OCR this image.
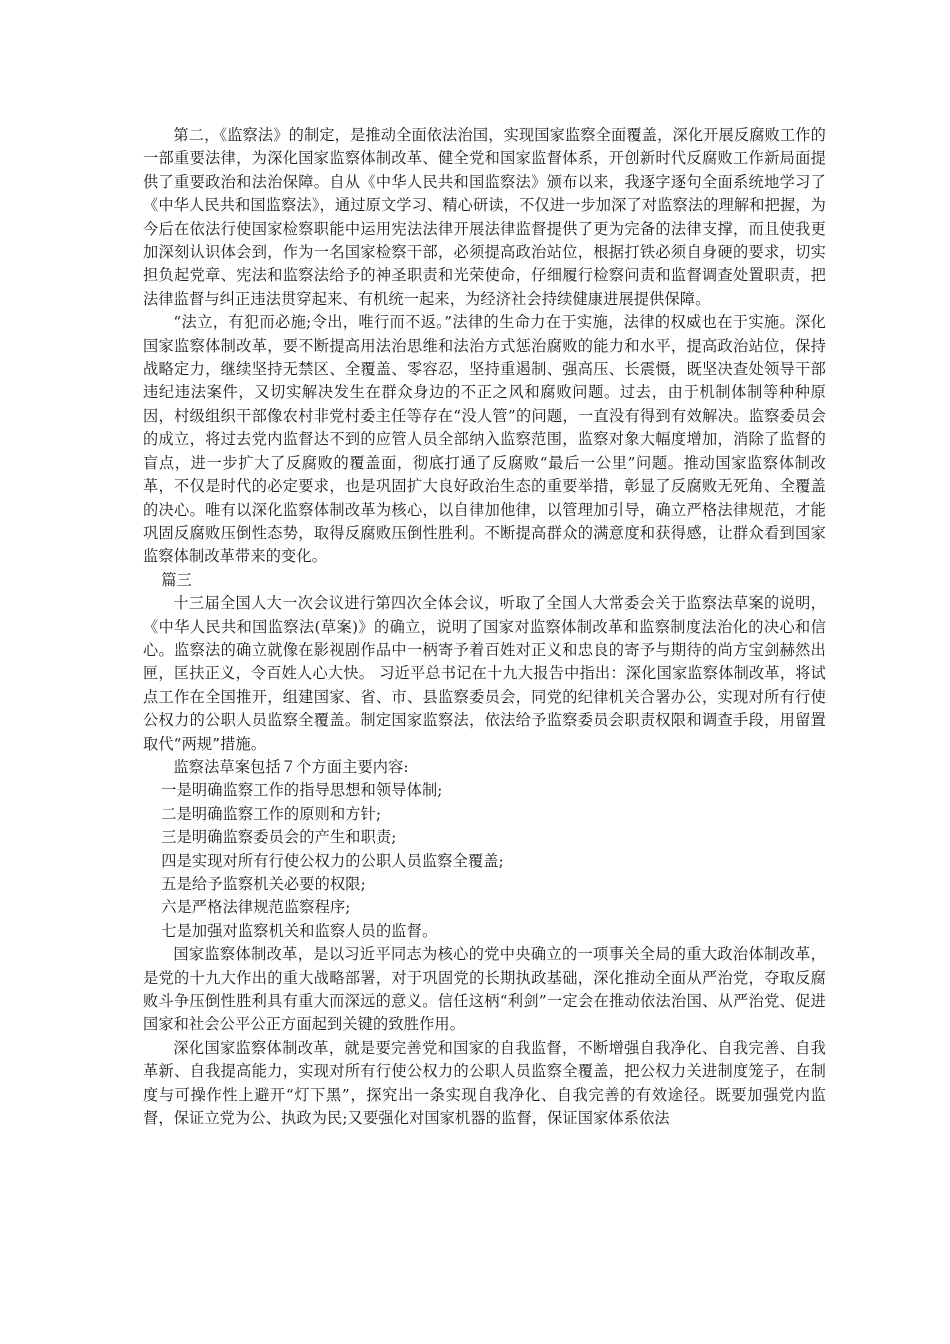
第二，《监察法》的制定，是推动全面依法治国，实现国家监察全面覆盖，深化开展反腐败工作的一部重要法律，为深化国家监察体制改革、健全党和国家监督体系，开创新时代反腐败工作新局面提供了重要政治和法治保障。自从《中华人民共和国监察法》颁布以来，我逐字逐句全面系统地学习了《中华人民共和国监察法》，通过原文学习、精心研读，不仅进一步加深了对监察法的理解和把握，为今后在依法行使国家检察职能中运用宪法法律开展法律监督提供了更为完备的法律支撑，而且使我更加深刻认识体会到，作为一名国家检察干部，必须提高政治站位，根据打铁必须自身硬的要求，切实担负起党章、宪法和监察法给予的神圣职责和光荣使命，仔细履行检察问责和监督调查处置职责，把法律监督与纠正违法贯穿起来、有机统一起来，为经济社会持续健康进展提供保障。

“法立，有犯而必施;令出，唯行而不返。”法律的生命力在于实施，法律的权威也在于实施。深化国家监察体制改革，要不断提高用法治思维和法治方式惩治腐败的能力和水平，提高政治站位，保持战略定力，继续坚持无禁区、全覆盖、零容忍，坚持重遏制、强高压、长震慑，既坚决查处领导干部违纪违法案件，又切实解决发生在群众身边的不正之风和腐败问题。过去，由于机制体制等种种原因，村级组织干部像农村非党村委主任等存在“没人管”的问题，一直没有得到有效解决。监察委员会的成立，将过去党内监督达不到的应管人员全部纳入监察范围，监察对象大幅度增加，消除了监督的盲点，进一步扩大了反腐败的覆盖面，彻底打通了反腐败“最后一公里”问题。推动国家监察体制改革，不仅是时代的必定要求，也是巩固扩大良好政治生态的重要举措，彰显了反腐败无死角、全覆盖的决心。唯有以深化监察体制改革为核心，以自律加他律，以管理加引导，确立严格法律规范，才能巩固反腐败压倒性态势，取得反腐败压倒性胜利。不断提高群众的满意度和获得感，让群众看到国家监察体制改革带来的变化。

篇三

十三届全国人大一次会议进行第四次全体会议，听取了全国人大常委会关于监察法草案的说明，《中华人民共和国监察法(草案)》的确立，说明了国家对监察体制改革和监察制度法治化的决心和信心。监察法的确立就像在影视剧作品中一柄寄予着百姓对正义和忠良的寄予与期待的尚方宝剑赫然出匣，匡扶正义，令百姓人心大快。 习近平总书记在十九大报告中指出：深化国家监察体制改革，将试点工作在全国推开，组建国家、省、市、县监察委员会，同党的纪律机关合署办公，实现对所有行使公权力的公职人员监察全覆盖。制定国家监察法，依法给予监察委员会职责权限和调查手段，用留置取代“两规”措施。

监察法草案包括７个方面主要内容:

一是明确监察工作的指导思想和领导体制;

二是明确监察工作的原则和方针;

三是明确监察委员会的产生和职责;

四是实现对所有行使公权力的公职人员监察全覆盖;

五是给予监察机关必要的权限;

六是严格法律规范监察程序;

七是加强对监察机关和监察人员的监督。

国家监察体制改革，是以习近平同志为核心的党中央确立的一项事关全局的重大政治体制改革，是党的十九大作出的重大战略部署，对于巩固党的长期执政基础，深化推动全面从严治党，夺取反腐败斗争压倒性胜利具有重大而深远的意义。信任这柄“利剑”一定会在推动依法治国、从严治党、促进国家和社会公平公正方面起到关键的致胜作用。

深化国家监察体制改革，就是要完善党和国家的自我监督，不断增强自我净化、自我完善、自我革新、自我提高能力，实现对所有行使公权力的公职人员监察全覆盖，把公权力关进制度笼子，在制度与可操作性上避开“灯下黑”，探究出一条实现自我净化、自我完善的有效途径。既要加强党内监督，保证立党为公、执政为民;又要强化对国家机器的监督，保证国家体系依法
